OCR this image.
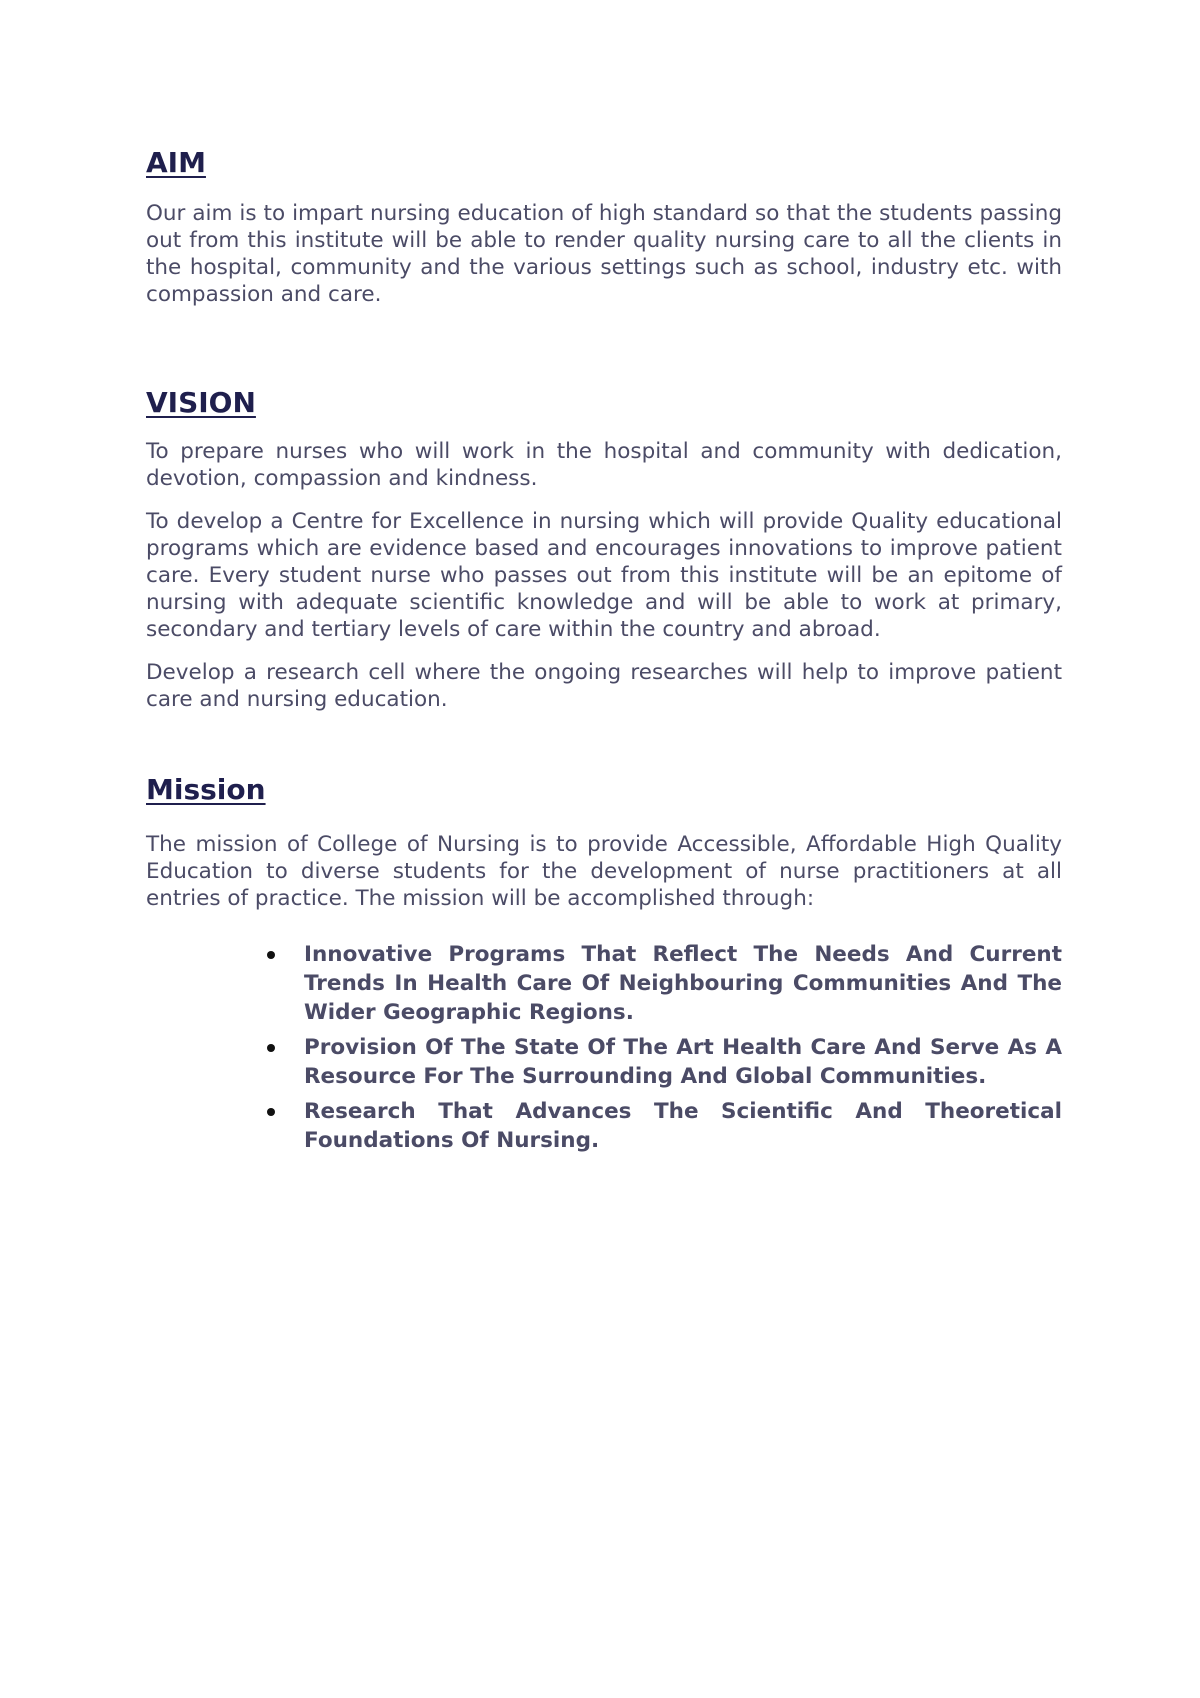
AIM

Our aim is to impart nursing education of high standard so that the students passing out from this institute will be able to render quality nursing care to all the clients in the hospital, community and the various settings such as school, industry etc. with compassion and care.

VISION

To prepare nurses who will work in the hospital and community with dedication, devotion, compassion and kindness.

To develop a Centre for Excellence in nursing which will provide Quality educational programs which are evidence based and encourages innovations to improve patient care. Every student nurse who passes out from this institute will be an epitome of nursing with adequate scientific knowledge and will be able to work at primary, secondary and tertiary levels of care within the country and abroad.

Develop a research cell where the ongoing researches will help to improve patient care and nursing education.

Mission

The mission of College of Nursing is to provide Accessible, Affordable High Quality Education to diverse students for the development of nurse practitioners at all entries of practice. The mission will be accomplished through:

Innovative Programs That Reflect The Needs And Current Trends In Health Care Of Neighbouring Communities And The Wider Geographic Regions.
Provision Of The State Of The Art Health Care And Serve As A Resource For The Surrounding And Global Communities.
Research That Advances The Scientific And Theoretical Foundations Of Nursing.
